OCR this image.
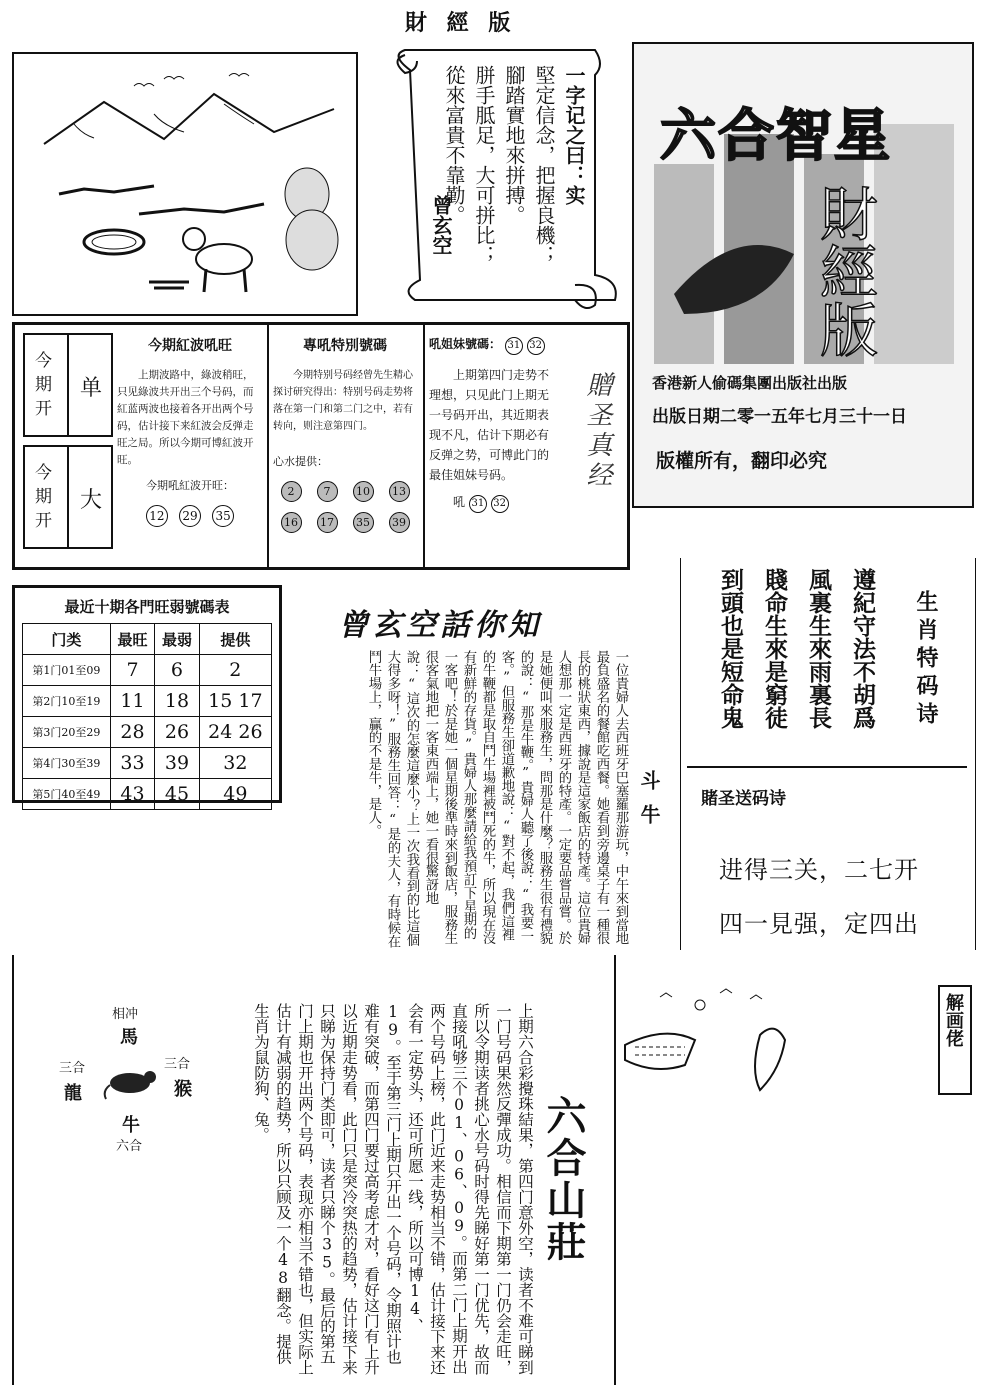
財 經 版
一字记之曰：实
堅定信念，把握良機；
腳踏實地來拼搏。
胼手胝足，大可拼比；
從來富貴不靠勤。
曾玄空
六合智星
財經版
香港新人偷碼集團出版社出版
出版日期二零一五年七月三十一日
版權所有，翻印必究
今期开
单
今期开
大
今期紅波吼旺
上期波路中，綠波稍旺，只见綠波共开出三个号码，而紅蓝两波也接着各开出两个号码，估计接下来紅波会反弹走旺之局。所以今期可博紅波开旺。
今期吼紅波开旺：
12 29 35
專吼特別號碼
今期特别号码经曾先生精心探讨研究得出：特别号码走势将落在第一门和第二门之中，若有转向，则注意第四门。
心水提供：
2	7	10	13
16	17	35	39
吼姐妹號碼： 31 32
上期第四门走势不理想，只见此门上期无一号码开出，其近期表现不凡，估计下期必有反弹之势，可博此门的最佳姐妹号码。
吼 31 32
贈圣真经
最近十期各門旺弱號碼表
门类	最旺	最弱	提供
第1门01至09	7	6	2
第2门10至19	11	18	15 17
第3门20至29	28	26	24 26
第4门30至39	33	39	32
第5门40至49	43	45	49
曾玄空話你知
一位貴婦人去西班牙巴塞羅那游玩，中午來到當地最負盛名的餐館吃西餐。她看到旁邊桌子有一種很長的桃狀東西，據說是這家飯店的特產。這位貴婦人想那一定是西班牙的特產。一定要品嘗品嘗。於是她便叫來服務生，問那是什麼？服務生很有禮貌的說：“那是牛鞭。”貴婦人聽了後說：“我要一客。”但服務生卻道歉地說：“對不起，我們這裡的牛鞭都是取自鬥牛場裡被鬥死的牛，所以現在沒有新鮮的存貨。”貴婦人那麼請給我預訂下星期的一客吧！於是她一個星期後準時來到飯店，服務生很客氣地把一客東西端上，她一看很驚訝地說：“這次的怎麼這麼小？上一次我看到的比這個大得多呀！”服務生回答：“是的夫人，有時候在鬥牛場上，贏的不是牛，是人。	斗牛
生肖特码诗
遵紀守法不胡爲
風裏生來雨裏長
賤命生來是窮徒
到頭也是短命鬼
賭圣送码诗
进得三关，二七开
四一見强，定四出
解画佬
相冲
馬
三合
龍
三合
猴
牛
六合	上期六合彩攪珠結果，第四门意外空，读者不难可睇到一门号码果然反彈成功。相信而下期第一门仍会走旺，所以令期读者挑心水号码时得先睇好第一门优先，故而直接吼够三个01、06、09。而第二门上期开出两个号码上榜，此门近来走势相当不错，估计接下来还会有一定势头，还可所愿一线，所以可博14、19。至于第三门上期只开出一个号码，令期照计也难有突破，而第四门要过高考虑才对，看好这门有上升以近期走势看，此门只是突冷突热的趋势，估计接下来只睇为保持门类即可，读者只睇个35。最后的第五门上期也开出两个号码，表现亦相当不错也，但实际上估计有减弱的趋势，所以只顾及一个48翻念。提供生肖为鼠防狗、兔。
六合山莊
